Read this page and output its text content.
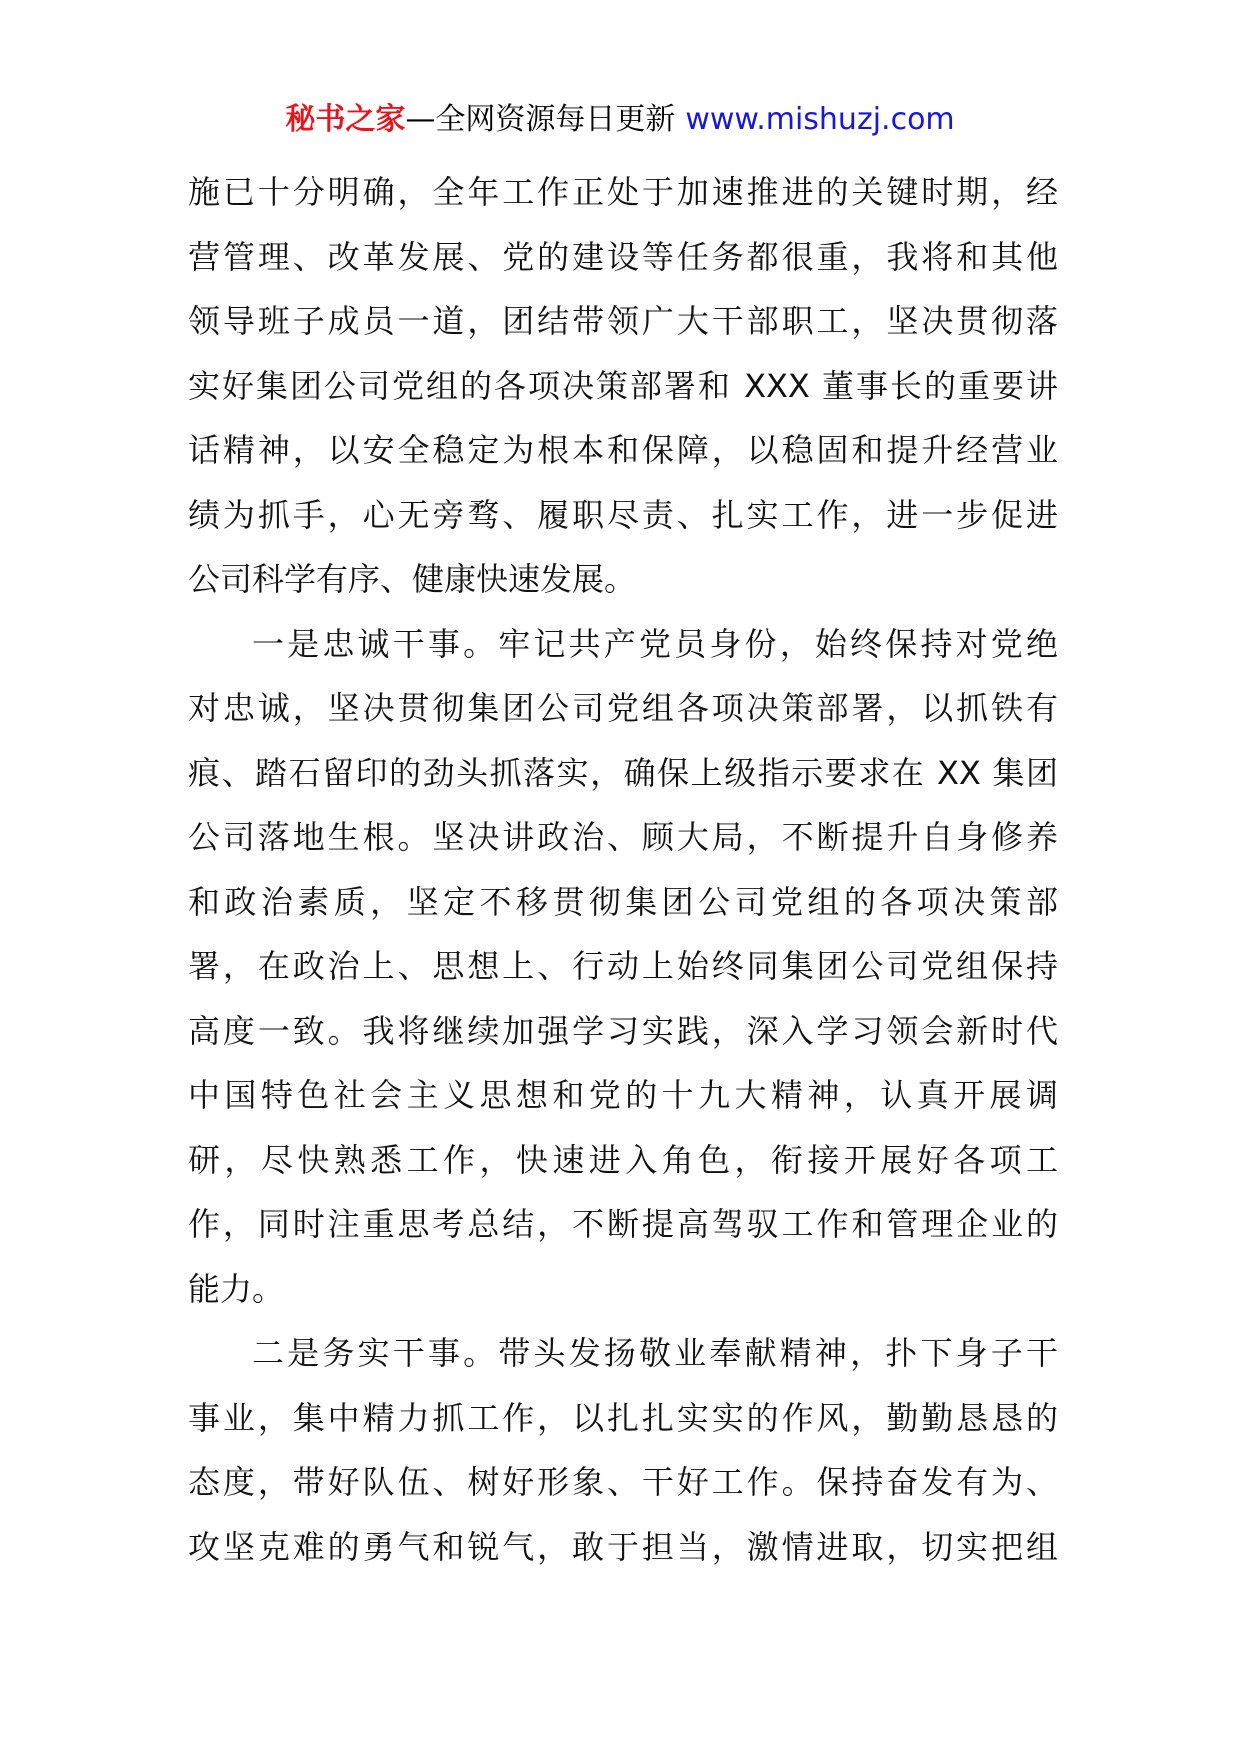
秘书之家—全网资源每日更新 www.mishuzj.com
施已十分明确，全年工作正处于加速推进的关键时期，经
营管理、改革发展、党的建设等任务都很重，我将和其他
领导班子成员一道，团结带领广大干部职工，坚决贯彻落
实好集团公司党组的各项决策部署和 XXX 董事长的重要讲
话精神，以安全稳定为根本和保障，以稳固和提升经营业
绩为抓手，心无旁骛、履职尽责、扎实工作，进一步促进
公司科学有序、健康快速发展。
一是忠诚干事。牢记共产党员身份，始终保持对党绝
对忠诚，坚决贯彻集团公司党组各项决策部署，以抓铁有
痕、踏石留印的劲头抓落实，确保上级指示要求在 XX 集团
公司落地生根。坚决讲政治、顾大局，不断提升自身修养
和政治素质，坚定不移贯彻集团公司党组的各项决策部
署，在政治上、思想上、行动上始终同集团公司党组保持
高度一致。我将继续加强学习实践，深入学习领会新时代
中国特色社会主义思想和党的十九大精神，认真开展调
研，尽快熟悉工作，快速进入角色，衔接开展好各项工
作，同时注重思考总结，不断提高驾驭工作和管理企业的
能力。
二是务实干事。带头发扬敬业奉献精神，扑下身子干
事业，集中精力抓工作，以扎扎实实的作风，勤勤恳恳的
态度，带好队伍、树好形象、干好工作。保持奋发有为、
攻坚克难的勇气和锐气，敢于担当，激情进取，切实把组
